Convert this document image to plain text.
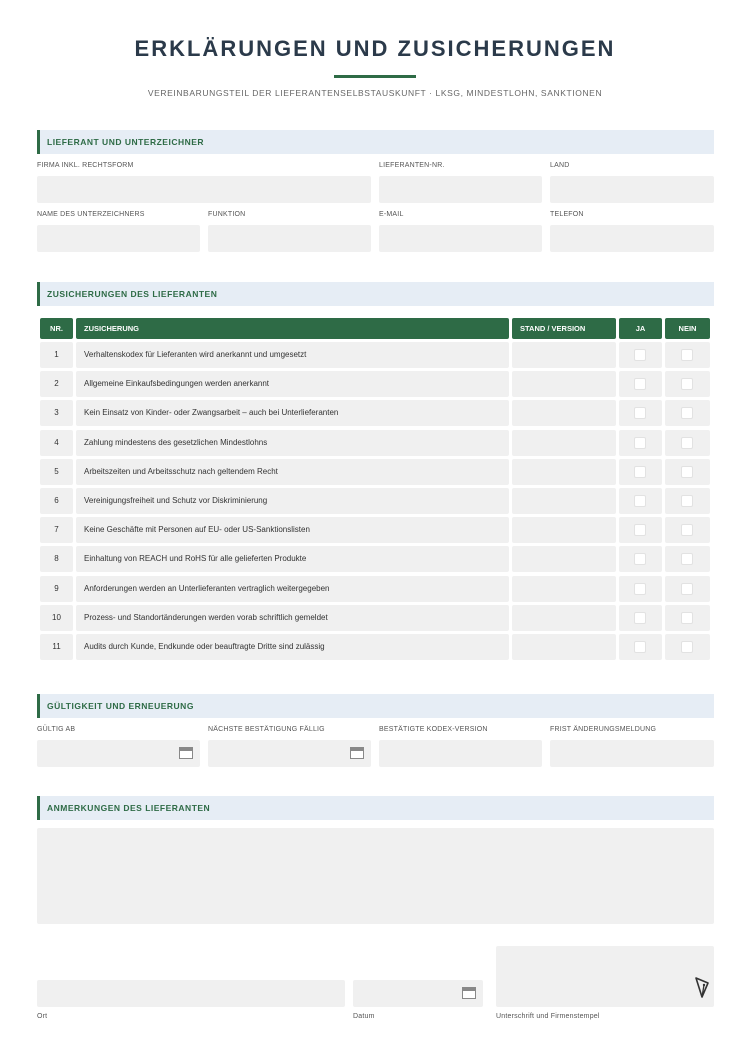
ERKLÄRUNGEN UND ZUSICHERUNGEN
VEREINBARUNGSTEIL DER LIEFERANTENSELBSTAUSKUNFT · LKSG, MINDESTLOHN, SANKTIONEN
LIEFERANT UND UNTERZEICHNER
FIRMA INKL. RECHTSFORM	LIEFERANTEN-NR.	LAND
NAME DES UNTERZEICHNERS	FUNKTION	E-MAIL	TELEFON
ZUSICHERUNGEN DES LIEFERANTEN
NR.	ZUSICHERUNG	STAND / VERSION	JA	NEIN
1	Verhaltenskodex für Lieferanten wird anerkannt und umgesetzt
2	Allgemeine Einkaufsbedingungen werden anerkannt
3	Kein Einsatz von Kinder- oder Zwangsarbeit – auch bei Unterlieferanten
4	Zahlung mindestens des gesetzlichen Mindestlohns
5	Arbeitszeiten und Arbeitsschutz nach geltendem Recht
6	Vereinigungsfreiheit und Schutz vor Diskriminierung
7	Keine Geschäfte mit Personen auf EU- oder US-Sanktionslisten
8	Einhaltung von REACH und RoHS für alle gelieferten Produkte
9	Anforderungen werden an Unterlieferanten vertraglich weitergegeben
10	Prozess- und Standortänderungen werden vorab schriftlich gemeldet
11	Audits durch Kunde, Endkunde oder beauftragte Dritte sind zulässig
GÜLTIGKEIT UND ERNEUERUNG
GÜLTIG AB	NÄCHSTE BESTÄTIGUNG FÄLLIG	BESTÄTIGTE KODEX-VERSION	FRIST ÄNDERUNGSMELDUNG
ANMERKUNGEN DES LIEFERANTEN
Ort	Datum	Unterschrift und Firmenstempel
